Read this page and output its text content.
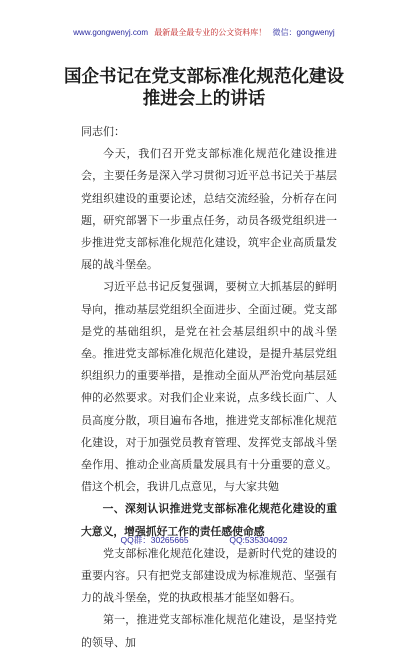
www.gongwenyj.com 最新最全最专业的公文资料库！ 微信：gongwenyj
国企书记在党支部标准化规范化建设推进会上的讲话

同志们：

今天，我们召开党支部标准化规范化建设推进会，主要任务是深入学习贯彻习近平总书记关于基层党组织建设的重要论述，总结交流经验，分析存在问题，研究部署下一步重点任务，动员各级党组织进一步推进党支部标准化规范化建设，筑牢企业高质量发展的战斗堡垒。

习近平总书记反复强调，要树立大抓基层的鲜明导向，推动基层党组织全面进步、全面过硬。党支部是党的基础组织，是党在社会基层组织中的战斗堡垒。推进党支部标准化规范化建设，是提升基层党组织组织力的重要举措，是推动全面从严治党向基层延伸的必然要求。对我们企业来说，点多线长面广、人员高度分散，项目遍布各地，推进党支部标准化规范化建设，对于加强党员教育管理、发挥党支部战斗堡垒作用、推动企业高质量发展具有十分重要的意义。借这个机会，我讲几点意见，与大家共勉

一、深刻认识推进党支部标准化规范化建设的重大意义，增强抓好工作的责任感使命感

党支部标准化规范化建设，是新时代党的建设的重要内容。只有把党支部建设成为标准规范、坚强有力的战斗堡垒，党的执政根基才能坚如磐石。

第一，推进党支部标准化规范化建设，是坚持党的领导、加

QQ群：30265665	QQ:535304092
